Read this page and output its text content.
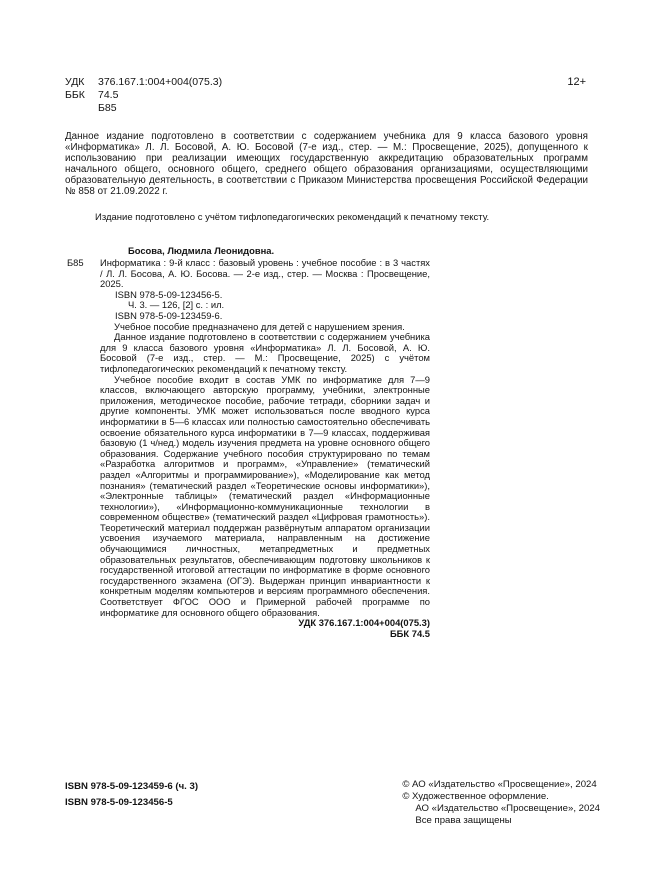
УДК 376.167.1:004+004(075.3)
ББК 74.5
Б85
12+

Данное издание подготовлено в соответствии с содержанием учебника для 9 класса базового уровня «Информатика» Л. Л. Босовой, А. Ю. Босовой (7-е изд., стер. — М.: Просвещение, 2025), допущенного к использованию при реализации имеющих государственную аккредитацию образовательных программ начального общего, основного общего, среднего общего образования организациями, осуществляющими образовательную деятельность, в соответствии с Приказом Министерства просвещения Российской Федерации № 858 от 21.09.2022 г.

Издание подготовлено с учётом тифлопедагогических рекомендаций к печатному тексту.

Босова, Людмила Леонидовна.

Б85 Информатика : 9-й класс : базовый уровень : учебное пособие : в 3 частях / Л. Л. Босова, А. Ю. Босова. — 2-е изд., стер. — Москва : Просвещение, 2025.

ISBN 978-5-09-123456-5.

Ч. 3. — 126, [2] с. : ил.

ISBN 978-5-09-123459-6.

Учебное пособие предназначено для детей с нарушением зрения.

Данное издание подготовлено в соответствии с содержанием учебника для 9 класса базового уровня «Информатика» Л. Л. Босовой, А. Ю. Босовой (7-е изд., стер. — М.: Просвещение, 2025) с учётом тифлопедагогических рекомендаций к печатному тексту.

Учебное пособие входит в состав УМК по информатике для 7—9 классов, включающего авторскую программу, учебники, электронные приложения, методическое пособие, рабочие тетради, сборники задач и другие компоненты. УМК может использоваться после вводного курса информатики в 5—6 классах или полностью самостоятельно обеспечивать освоение обязательного курса информатики в 7—9 классах, поддерживая базовую (1 ч/нед.) модель изучения предмета на уровне основного общего образования. Содержание учебного пособия структурировано по темам «Разработка алгоритмов и программ», «Управление» (тематический раздел «Алгоритмы и программирование»), «Моделирование как метод познания» (тематический раздел «Теоретические основы информатики»), «Электронные таблицы» (тематический раздел «Информационные технологии»), «Информационно-коммуникационные технологии в современном обществе» (тематический раздел «Цифровая грамотность»). Теоретический материал поддержан развёрнутым аппаратом организации усвоения изучаемого материала, направленным на достижение обучающимися личностных, метапредметных и предметных образовательных результатов, обеспечивающим подготовку школьников к государственной итоговой аттестации по информатике в форме основного государственного экзамена (ОГЭ). Выдержан принцип инвариантности к конкретным моделям компьютеров и версиям программного обеспечения. Соответствует ФГОС ООО и Примерной рабочей программе по информатике для основного общего образования.

УДК 376.167.1:004+004(075.3)

ББК 74.5

ISBN 978-5-09-123459-6 (ч. 3)
ISBN 978-5-09-123456-5
© АО «Издательство «Просвещение», 2024
© Художественное оформление.
АО «Издательство «Просвещение», 2024
Все права защищены
